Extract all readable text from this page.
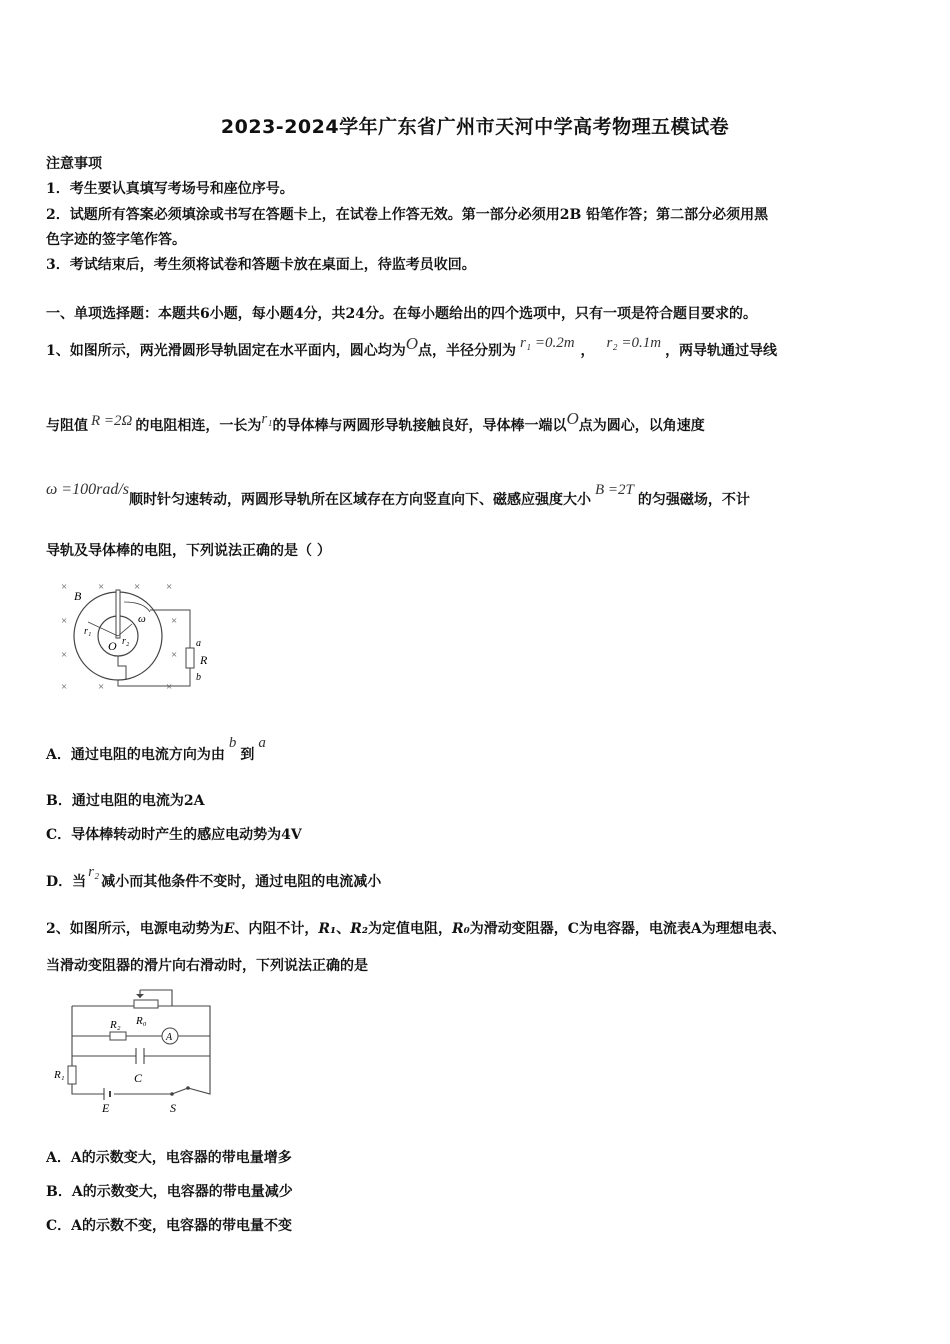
2023-2024学年广东省广州市天河中学高考物理五模试卷
注意事项
1．考生要认真填写考场号和座位序号。
2．试题所有答案必须填涂或书写在答题卡上，在试卷上作答无效。第一部分必须用2B 铅笔作答；第二部分必须用黑
色字迹的签字笔作答。
3．考试结束后，考生须将试卷和答题卡放在桌面上，待监考员收回。
一、单项选择题：本题共6小题，每小题4分，共24分。在每小题给出的四个选项中，只有一项是符合题目要求的。
1、如图所示，两光滑圆形导轨固定在水平面内，圆心均为O点，半径分别为 r₁ =0.2m ， r₂ =0.1m ，两导轨通过导线
与阻值 R =2Ω 的电阻相连，一长为r₁的导体棒与两圆形导轨接触良好，导体棒一端以O点为圆心，以角速度
ω =100rad/s顺时针匀速转动，两圆形导轨所在区域存在方向竖直向下、磁感应强度大小B =2T的匀强磁场，不计
导轨及导体棒的电阻，下列说法正确的是（ ）
×	×	× ×
×	×
×	×
×	×	×
B
r₁
r₂
O
ω
a
R
b
A．通过电阻的电流方向为由b到a
B．通过电阻的电流为2A
C．导体棒转动时产生的感应电动势为4V
D．当r₂减小而其他条件不变时，通过电阻的电流减小
2、如图所示，电源电动势为E、内阻不计，R₁、R₂为定值电阻，R₀为滑动变阻器，C为电容器，电流表A为理想电表、
当滑动变阻器的滑片向右滑动时，下列说法正确的是
R₂ R₀
A
R₁	C
E	S
A．A的示数变大，电容器的带电量增多
B．A的示数变大，电容器的带电量减少
C．A的示数不变，电容器的带电量不变
